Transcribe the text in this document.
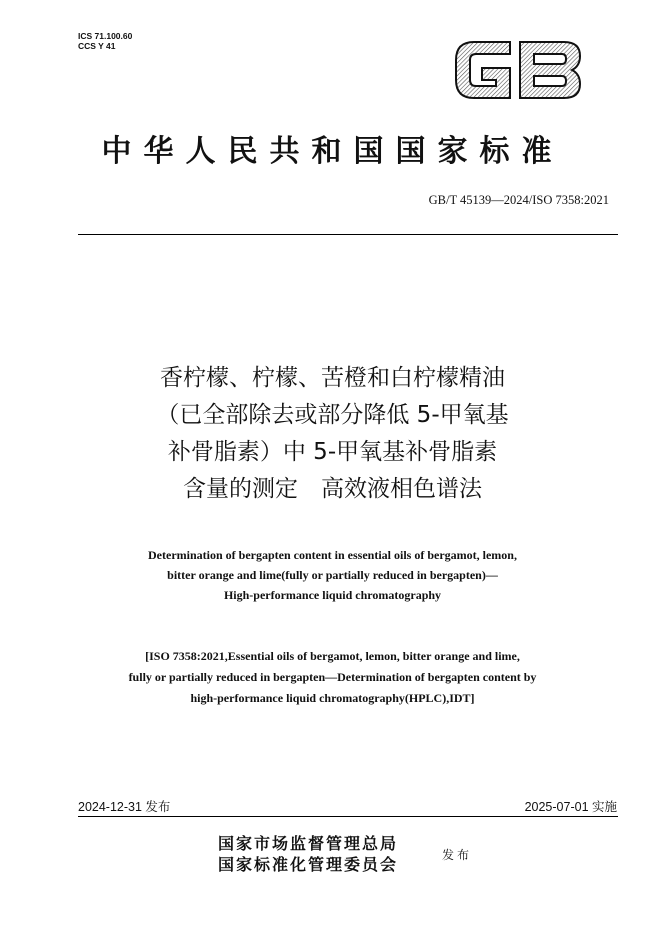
ICS 71.100.60
CCS Y 41
中华人民共和国国家标准
GB/T 45139—2024/ISO 7358:2021
香柠檬、柠檬、苦橙和白柠檬精油
（已全部除去或部分降低 5-甲氧基
补骨脂素）中 5-甲氧基补骨脂素
含量的测定　高效液相色谱法
Determination of bergapten content in essential oils of bergamot, lemon,
bitter orange and lime(fully or partially reduced in bergapten)—
High-performance liquid chromatography
[ISO 7358:2021,Essential oils of bergamot, lemon, bitter orange and lime,
fully or partially reduced in bergapten—Determination of bergapten content by
high-performance liquid chromatography(HPLC),IDT]
2024-12-31 发布	2025-07-01 实施
国家市场监督管理总局
国家标准化管理委员会	发布
